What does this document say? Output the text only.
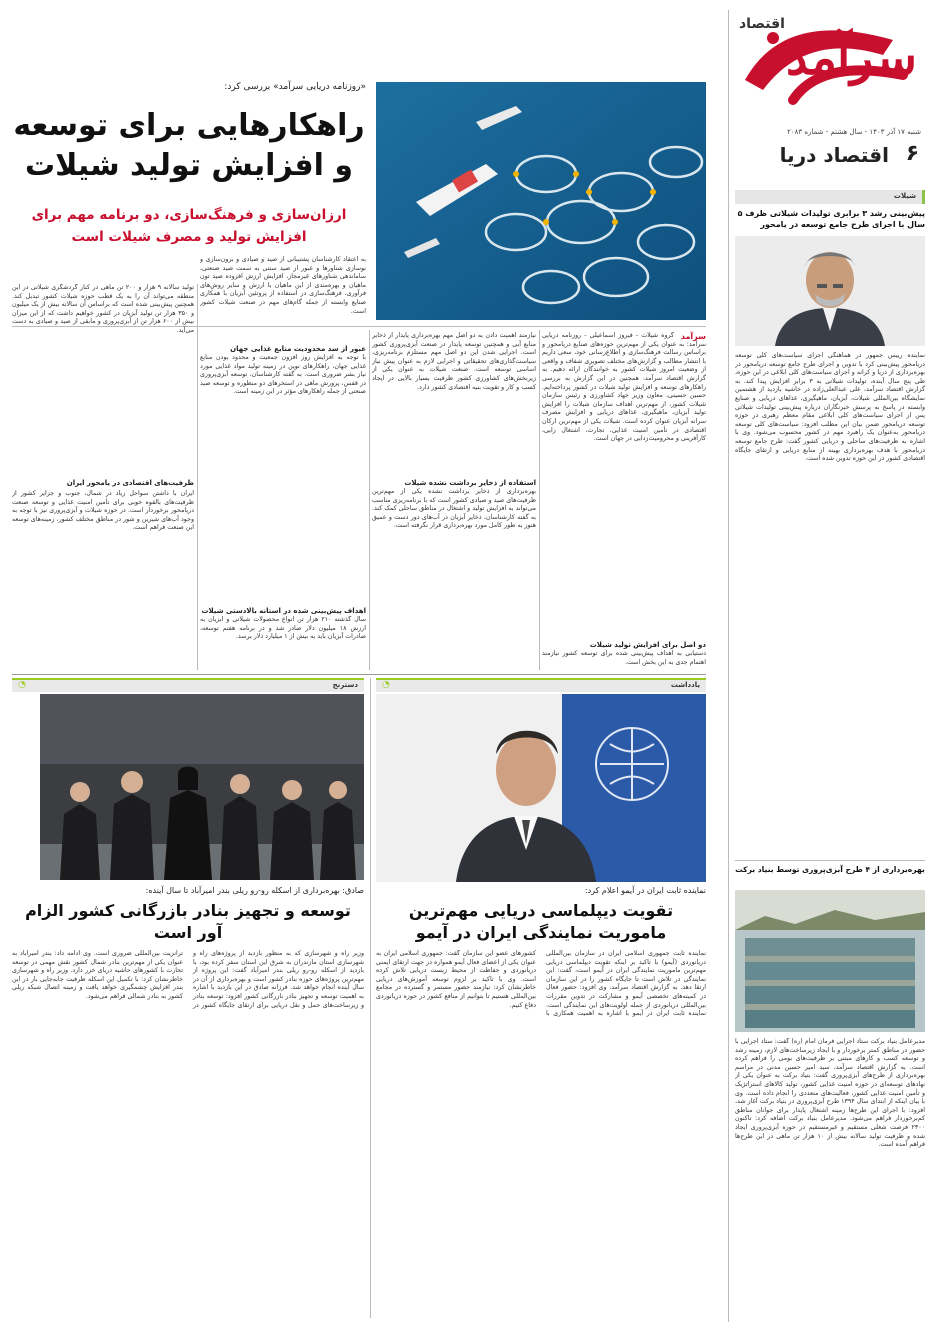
سرآمد
اقتصاد
شنبه ۱۷ آذر ۱۴۰۳ - سال هشتم - شماره ۲۰۸۳
۶
اقتصاد دریا
شیلات
پیش‌بینی رشد ۳ برابری تولیدات شیلاتی ظرف ۵ سال با اجرای طرح جامع توسعه در یامحور
نماینده رییس جمهور در هماهنگی اجرای سیاست‌های کلی توسعه دریامحور پیش‌بینی کرد با تدوین و اجرای طرح جامع توسعه دریامحور در بهره‌برداری از دریا و کرانه و اجرای سیاست‌های کلی ابلاغی در این حوزه، طی پنج سال آینده، تولیدات شیلاتی به ۳ برابر افزایش پیدا کند. به گزارش اقتصاد سرآمد، علی عبدالعلی‌زاده در حاشیه بازدید از هشتمین نمایشگاه بین‌المللی شیلات، آبزیان، ماهیگیری، غذاهای دریایی و صنایع وابسته در پاسخ به پرسش خبرنگاران درباره پیش‌بینی تولیدات شیلاتی پس از اجرای سیاست‌های کلی ابلاغی مقام معظم رهبری در حوزه توسعه دریامحور ضمن بیان این مطلب افزود: سیاست‌های کلی توسعه دریامحور به‌عنوان یک راهبرد مهم در کشور محسوب می‌شود. وی با اشاره به ظرفیت‌های ساحلی و دریایی کشور گفت: طرح جامع توسعه دریامحور با هدف بهره‌برداری بهینه از منابع دریایی و ارتقای جایگاه اقتصادی کشور در این حوزه تدوین شده است.
بهره‌برداری از ۴ طرح آبزی‌پروری توسط بنیاد برکت
مدیرعامل بنیاد برکت ستاد اجرایی فرمان امام (ره) گفت: ستاد اجرایی با حضور در مناطق کمتر برخوردار و با ایجاد زیرساخت‌های لازم، زمینه رشد و توسعه کسب و کارهای مبتنی بر ظرفیت‌های بومی را فراهم کرده است. به گزارش اقتصاد سرآمد، سید امیر حسین مدنی در مراسم بهره‌برداری از طرح‌های آبزی‌پروری گفت: بنیاد برکت به عنوان یکی از نهادهای توسعه‌ای در حوزه امنیت غذایی کشور، تولید کالاهای استراتژیک و تأمین امنیت غذایی کشور، فعالیت‌های متعددی را انجام داده است. وی با بیان اینکه از ابتدای سال ۱۳۹۴ طرح آبزی‌پروری در بنیاد برکت آغاز شد، افزود: با اجرای این طرح‌ها زمینه اشتغال پایدار برای جوانان مناطق کم‌برخوردار فراهم می‌شود. مدیرعامل بنیاد برکت اضافه کرد: تاکنون ۲۳۰۰ فرصت شغلی مستقیم و غیرمستقیم در حوزه آبزی‌پروری ایجاد شده و ظرفیت تولید سالانه بیش از ۱۰ هزار تن ماهی در این طرح‌ها فراهم آمده است.
«روزنامه دریایی سرآمد» بررسی کرد:
راهکارهایی برای توسعه و افزایش تولید شیلات
ارزان‌سازی و فرهنگ‌سازی، دو برنامه مهم برای افزایش تولید و مصرف شیلات است
سرآمد
گروه شیلات - فیروز اسماعیلی - روزنامه دریایی سرآمد: به عنوان یکی از مهم‌ترین حوزه‌های صنایع دریامحور و براساس رسالت فرهنگ‌سازی و اطلاع‌رسانی خود، سعی داریم با انتشار مطالب و گزارش‌های مختلف تصویری شفاف و واقعی از وضعیت امروز شیلات کشور به خوانندگان ارائه دهیم. به گزارش اقتصاد سرآمد، همچنین در این گزارش به بررسی راهکارهای توسعه و افزایش تولید شیلات در کشور پرداخته‌ایم. حسین حسینی، معاون وزیر جهاد کشاورزی و رئیس سازمان شیلات کشور، از مهم‌ترین اهداف سازمان شیلات را افزایش تولید آبزیان، ماهیگیری، غذاهای دریایی و افزایش مصرف سرانه آبزیان عنوان کرده است. شیلات یکی از مهم‌ترین ارکان اقتصادی در تأمین امنیت غذایی، تجارت، اشتغال زایی، کارآفرینی و محرومیت‌زدایی در جهان است.
دو اصل برای افزایش تولید شیلات
دستیابی به اهداف پیش‌بینی شده برای توسعه کشور نیازمند اهتمام جدی به این بخش است.
نیازمند اهمیت دادن به دو اصل مهم بهره‌برداری پایدار از ذخایر منابع آبی و همچنین توسعه پایدار در صنعت آبزی‌پروری کشور است. اجرایی شدن این دو اصل مهم مستلزم برنامه‌ریزی، سیاست‌گذاری‌های تحقیقاتی و اجرایی لازم به عنوان پیش نیاز اساسی توسعه است. صنعت شیلات به عنوان یکی از زیربخش‌های کشاورزی کشور ظرفیت بسیار بالایی در ایجاد کسب و کار و تقویت بنیه اقتصادی کشور دارد.
استفاده از ذخایر برداشت نشده شیلات
بهره‌برداری از ذخایر برداشت نشده یکی از مهم‌ترین ظرفیت‌های صید و صیادی کشور است که با برنامه‌ریزی مناسب می‌تواند به افزایش تولید و اشتغال در مناطق ساحلی کمک کند. به گفته کارشناسان، ذخایر آبزیان در آب‌های دور دست و عمیق هنوز به طور کامل مورد بهره‌برداری قرار نگرفته است.
به اعتقاد کارشناسان پشتیبانی از صید و صیادی و برون‌سازی و نوسازی شناورها و عبور از صید سنتی به سمت صید صنعتی، ساماندهی شناورهای غیرمجاز، افزایش ارزش افزوده صید تون ماهیان و بهره‌مندی از این ماهیان با ارزش و سایر روش‌های فرآوری، فرهنگ‌سازی در استفاده از پروتئین آبزیان با همکاری صنایع وابسته از جمله گام‌های مهم در صنعت شیلات کشور است.
عبور از سد محدودیت منابع غذایی جهان
با توجه به افزایش روز افزون جمعیت و محدود بودن منابع غذایی جهان، راهکارهای نوین در زمینه تولید مواد غذایی مورد نیاز بشر ضروری است. به گفته کارشناسان، توسعه آبزی‌پروری در قفس، پرورش ماهی در استخرهای دو منظوره و توسعه صید صنعتی از جمله راهکارهای مؤثر در این زمینه است.
اهداف پیش‌بینی شده در استانه بالادستی شیلات
سال گذشته ۲۱۰ هزار تن انواع محصولات شیلاتی و آبزیان به ارزش ۱۸ میلیون دلار صادر شد و در برنامه هفتم توسعه، صادرات آبزیان باید به بیش از ۱ میلیارد دلار برسد.
تولید سالانه ۹ هزار و ۲۰۰ تن ماهی در کنار گردشگری شیلاتی در این منطقه می‌تواند آن را به یک قطب حوزه شیلات کشور تبدیل کند. همچنین پیش‌بینی شده است که براساس آن سالانه بیش از یک میلیون و ۳۵۰ هزار تن تولید آبزیان در کشور خواهیم داشت که از این میزان بیش از ۶۰۰ هزار تن از آبزی‌پروری و مابقی از صید و صیادی به دست می‌آید.
ظرفیت‌های اقتصادی در یامحور ایران
ایران با داشتن سواحل زیاد در شمال، جنوب و جزایر کشور از ظرفیت‌های بالقوه خوبی برای تأمین امنیت غذایی و توسعه صنعت دریامحور برخوردار است. در حوزه شیلات و آبزی‌پروری نیز با توجه به وجود آب‌های شیرین و شور در مناطق مختلف کشور، زمینه‌های توسعه این صنعت فراهم است.
یادداشت
◔
نماینده ثابت ایران در آیمو اعلام کرد:
تقویت دیپلماسی دریایی مهم‌ترین ماموریت نمایندگی ایران در آیمو
نماینده ثابت جمهوری اسلامی ایران در سازمان بین‌المللی دریانوردی (آیمو) با تاکید بر اینکه تقویت دیپلماسی دریایی مهم‌ترین ماموریت نمایندگی ایران در آیمو است، گفت: این نمایندگی در تلاش است تا جایگاه کشور را در این سازمان ارتقا دهد. به گزارش اقتصاد سرآمد، وی افزود: حضور فعال در کمیته‌های تخصصی آیمو و مشارکت در تدوین مقررات بین‌المللی دریانوردی از جمله اولویت‌های این نمایندگی است. نماینده ثابت ایران در آیمو با اشاره به اهمیت همکاری با کشورهای عضو این سازمان گفت: جمهوری اسلامی ایران به عنوان یکی از اعضای فعال آیمو همواره در جهت ارتقای ایمنی دریانوردی و حفاظت از محیط زیست دریایی تلاش کرده است. وی با تاکید بر لزوم توسعه آموزش‌های دریایی خاطرنشان کرد: نیازمند حضور مستمر و گسترده در مجامع بین‌المللی هستیم تا بتوانیم از منافع کشور در حوزه دریانوردی دفاع کنیم.
دسترنج
◔
صادق: بهره‌برداری از اسکله رو-رو ریلی بندر امیرآباد تا سال آینده:
توسعه و تجهیز بنادر بازرگانی کشور الزام آور است
وزیر راه و شهرسازی که به منظور بازدید از پروژه‌های راه و شهرسازی استان مازندران به شرق این استان سفر کرده بود، با بازدید از اسکله رو-رو ریلی بندر امیرآباد گفت: این پروژه از مهم‌ترین پروژه‌های حوزه بنادر کشور است و بهره‌برداری از آن در سال آینده انجام خواهد شد. فرزانه صادق در این بازدید با اشاره به اهمیت توسعه و تجهیز بنادر بازرگانی کشور افزود: توسعه بنادر و زیرساخت‌های حمل و نقل دریایی برای ارتقای جایگاه کشور در ترانزیت بین‌المللی ضروری است. وی ادامه داد: بندر امیرآباد به عنوان یکی از مهم‌ترین بنادر شمال کشور نقش مهمی در توسعه تجارت با کشورهای حاشیه دریای خزر دارد. وزیر راه و شهرسازی خاطرنشان کرد: با تکمیل این اسکله ظرفیت جابه‌جایی بار در این بندر افزایش چشمگیری خواهد یافت و زمینه اتصال شبکه ریلی کشور به بنادر شمالی فراهم می‌شود.
